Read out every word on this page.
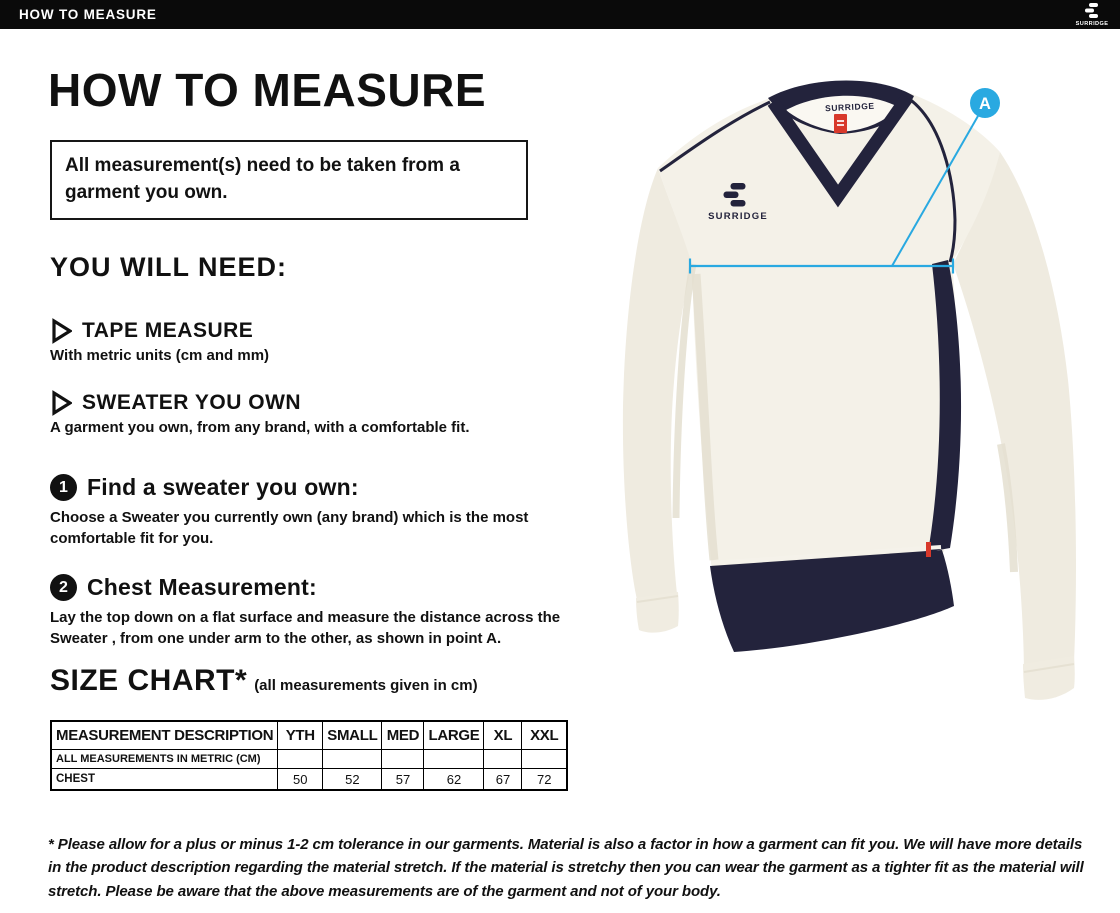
HOW TO MEASURE
SURRIDGE
HOW TO MEASURE
All measurement(s) need to be taken from a garment you own.
YOU WILL NEED:
TAPE MEASURE
With metric units (cm and mm)
SWEATER YOU OWN
A garment you own, from any brand, with a comfortable fit.
1 Find a sweater you own:
Choose a Sweater you currently own (any brand) which is the most comfortable fit for you.
2 Chest Measurement:
Lay the top down on a flat surface and measure the distance across the Sweater , from one under arm to the other, as shown in point A.
SIZE CHART* (all measurements given in cm)
MEASUREMENT DESCRIPTION	YTH	SMALL	MED	LARGE	XL	XXL
ALL MEASUREMENTS IN METRIC (CM)						
CHEST	50	52	57	62	67	72
* Please allow for a plus or minus 1-2 cm tolerance in our garments. Material is also a factor in how a garment can fit you. We will have more details in the product description regarding the material stretch. If the material is stretchy then you can wear the garment as a tighter fit as the material will stretch. Please be aware that the above measurements are of the garment and not of your body.
SURRIDGE
SURRIDGE
A
